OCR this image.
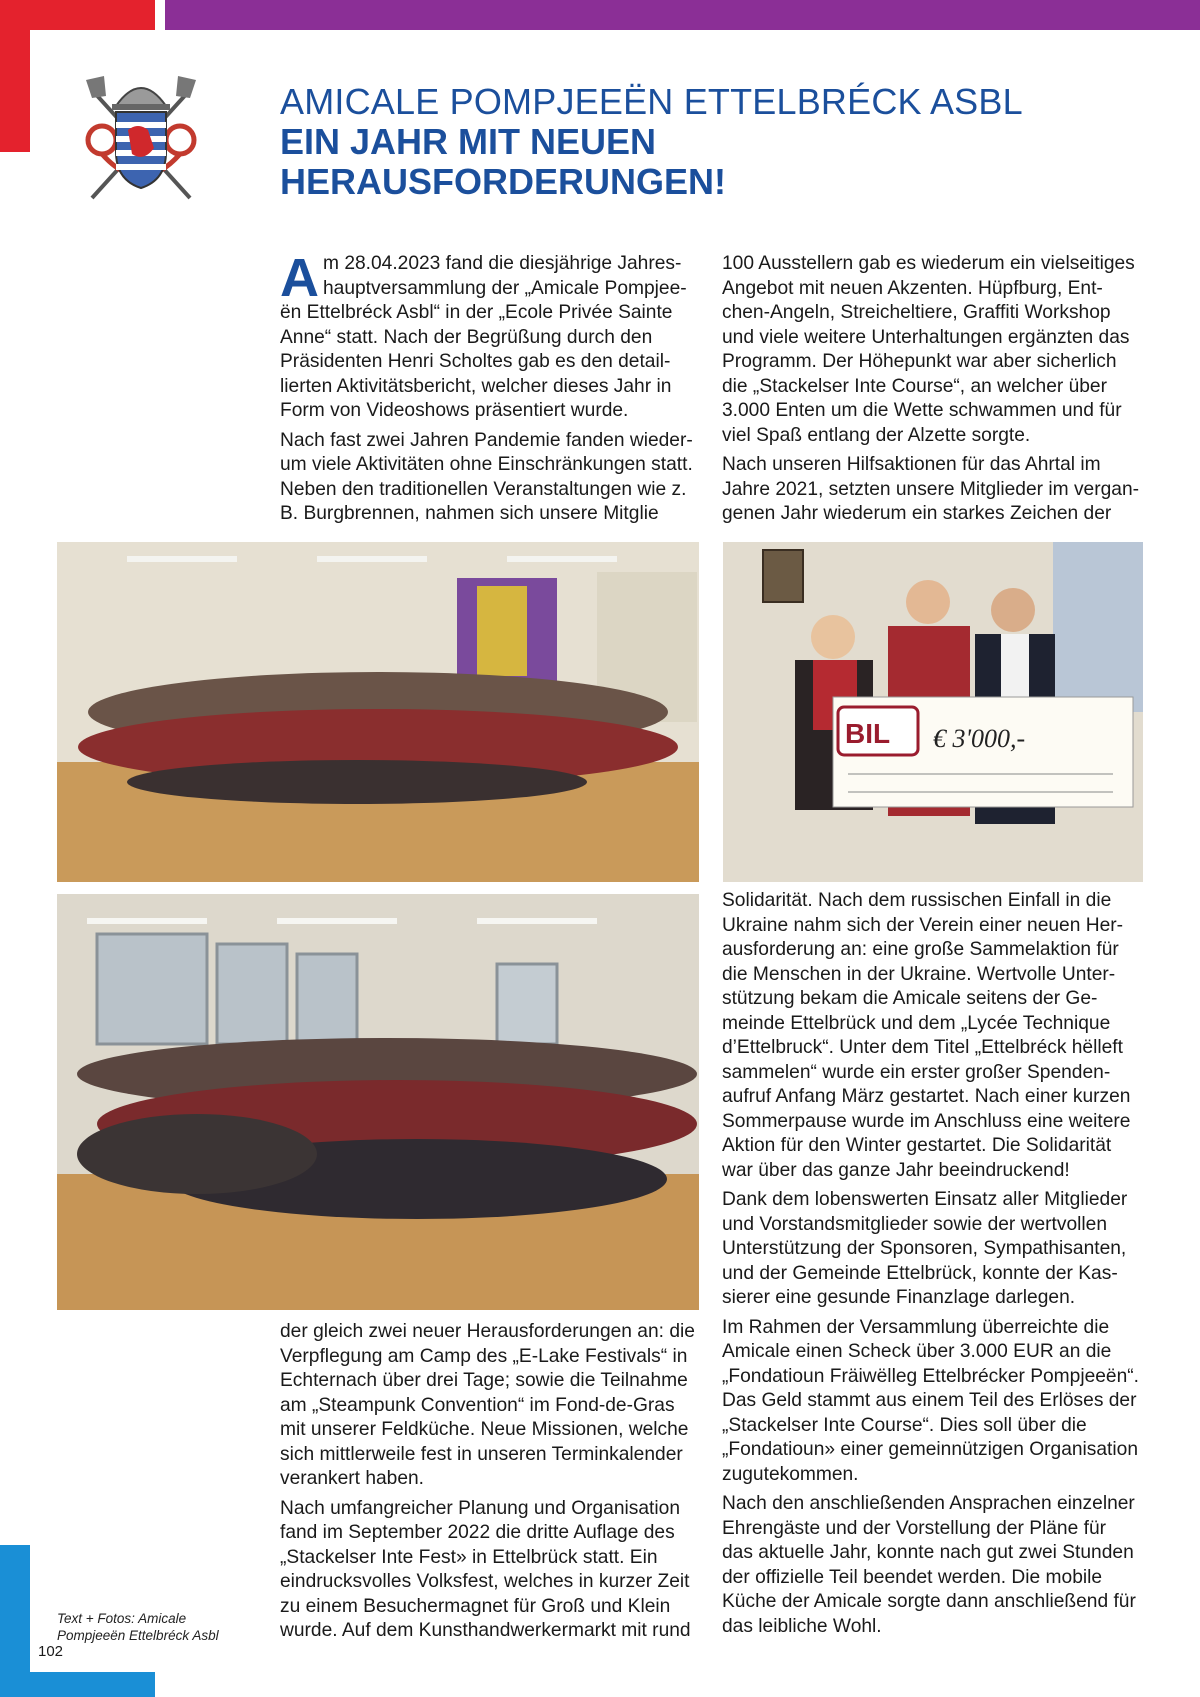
AMICALE POMPJEEËN ETTELBRÉCK ASBL
EIN JAHR MIT NEUEN
HERAUSFORDERUNGEN!

Am 28.04.2023 fand die diesjährige Jahreshauptversammlung der „Amicale Pompjeeën Ettelbréck Asbl“ in der „Ecole Privée Sainte Anne“ statt. Nach der Begrüßung durch den Präsidenten Henri Scholtes gab es den detaillierten Aktivitätsbericht, welcher dieses Jahr in Form von Videoshows präsentiert wurde.

Nach fast zwei Jahren Pandemie fanden wiederum viele Aktivitäten ohne Einschränkungen statt. Neben den traditionellen Veranstaltungen wie z. B. Burgbrennen, nahmen sich unsere Mitglie

100 Ausstellern gab es wiederum ein vielseitiges Angebot mit neuen Akzenten. Hüpfburg, Entchen-Angeln, Streicheltiere, Graffiti Workshop und viele weitere Unterhaltungen ergänzten das Programm. Der Höhepunkt war aber sicherlich die „Stackelser Inte Course“, an welcher über 3.000 Enten um die Wette schwammen und für viel Spaß entlang der Alzette sorgte.

Nach unseren Hilfsaktionen für das Ahrtal im Jahre 2021, setzten unsere Mitglieder im vergangenen Jahr wiederum ein starkes Zeichen der

BIL € 3'000,-

Solidarität. Nach dem russischen Einfall in die Ukraine nahm sich der Verein einer neuen Herausforderung an: eine große Sammelaktion für die Menschen in der Ukraine. Wertvolle Unterstützung bekam die Amicale seitens der Gemeinde Ettelbrück und dem „Lycée Technique d’Ettelbruck“. Unter dem Titel „Ettelbréck hëlleft sammelen“ wurde ein erster großer Spendenaufruf Anfang März gestartet. Nach einer kurzen Sommerpause wurde im Anschluss eine weitere Aktion für den Winter gestartet. Die Solidarität war über das ganze Jahr beeindruckend!

Dank dem lobenswerten Einsatz aller Mitglieder und Vorstandsmitglieder sowie der wertvollen Unterstützung der Sponsoren, Sympathisanten, und der Gemeinde Ettelbrück, konnte der Kassierer eine gesunde Finanzlage darlegen.

Im Rahmen der Versammlung überreichte die Amicale einen Scheck über 3.000 EUR an die „Fondatioun Fräiwëlleg Ettelbrécker Pompjeeën“. Das Geld stammt aus einem Teil des Erlöses der „Stackelser Inte Course“. Dies soll über die „Fondatioun» einer gemeinnützigen Organisation zugutekommen.

Nach den anschließenden Ansprachen einzelner Ehrengäste und der Vorstellung der Pläne für das aktuelle Jahr, konnte nach gut zwei Stunden der offizielle Teil beendet werden. Die mobile Küche der Amicale sorgte dann anschließend für das leibliche Wohl.

der gleich zwei neuer Herausforderungen an: die Verpflegung am Camp des „E-Lake Festivals“ in Echternach über drei Tage; sowie die Teilnahme am „Steampunk Convention“ im Fond-de-Gras mit unserer Feldküche. Neue Missionen, welche sich mittlerweile fest in unseren Terminkalender verankert haben.

Nach umfangreicher Planung und Organisation fand im September 2022 die dritte Auflage des „Stackelser Inte Fest» in Ettelbrück statt. Ein eindrucksvolles Volksfest, welches in kurzer Zeit zu einem Besuchermagnet für Groß und Klein wurde. Auf dem Kunsthandwerkermarkt mit rund

Text + Fotos: Amicale Pompjeeën Ettelbréck Asbl
102
